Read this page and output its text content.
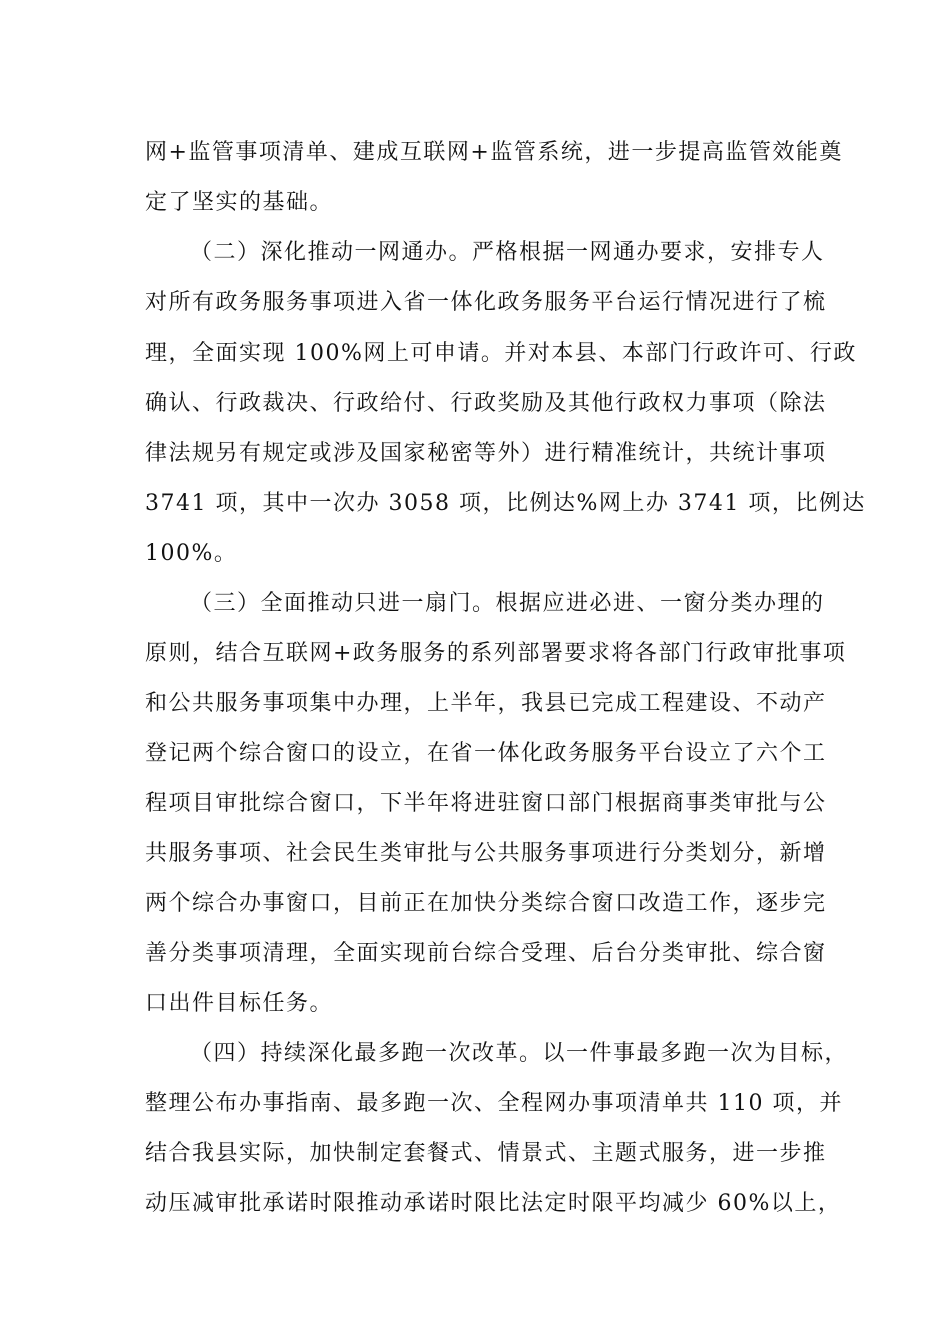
网+监管事项清单、建成互联网+监管系统，进一步提高监管效能奠
定了坚实的基础。
（二）深化推动一网通办。严格根据一网通办要求，安排专人
对所有政务服务事项进入省一体化政务服务平台运行情况进行了梳
理，全面实现 100%网上可申请。并对本县、本部门行政许可、行政
确认、行政裁决、行政给付、行政奖励及其他行政权力事项（除法
律法规另有规定或涉及国家秘密等外）进行精准统计，共统计事项
3741 项，其中一次办 3058 项，比例达%网上办 3741 项，比例达
100%。
（三）全面推动只进一扇门。根据应进必进、一窗分类办理的
原则，结合互联网+政务服务的系列部署要求将各部门行政审批事项
和公共服务事项集中办理，上半年，我县已完成工程建设、不动产
登记两个综合窗口的设立，在省一体化政务服务平台设立了六个工
程项目审批综合窗口，下半年将进驻窗口部门根据商事类审批与公
共服务事项、社会民生类审批与公共服务事项进行分类划分，新增
两个综合办事窗口，目前正在加快分类综合窗口改造工作，逐步完
善分类事项清理，全面实现前台综合受理、后台分类审批、综合窗
口出件目标任务。
（四）持续深化最多跑一次改革。以一件事最多跑一次为目标，
整理公布办事指南、最多跑一次、全程网办事项清单共 110 项，并
结合我县实际，加快制定套餐式、情景式、主题式服务，进一步推
动压减审批承诺时限推动承诺时限比法定时限平均减少 60%以上，
